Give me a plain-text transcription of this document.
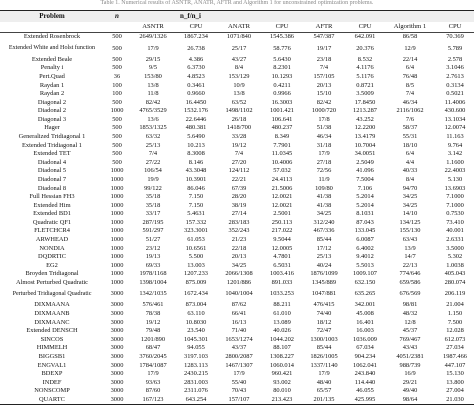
Table 1. Numerical results of ASNTR, ANATR, AFTR and Algorithm 1 for unconstrained optimization problems.
Problem	n	n_f/n_i							
		ASNTR	CPU	ANATR	CPU	AFTR	CPU	Algorithm 1	CPU
Extended Rosenbrock	500	2649/1326	1867.234	1071/840	1545.386	547/387	642.091	86/58	70.369
Extended White and Holst function	500	17/9	26.738	25/17	58.776	19/17	20.376	12/9	5.789
Extended Beale	500	29/15	4.386	43/27	5.6430	23/18	8.532	22/14	2.578
Penalty i	500	9/5	6.3730	8/4	8.2301	7/4	4.1176	6/4	3.1046
Pert.Quad	36	153/80	4.8523	153/129	10.1293	157/105	5.1176	76/48	2.7613
Raydan 1	100	13/8	0.3461	10/9	0.4211	20/13	0.8721	8/5	0.3134
Raydan 2	100	11/8	0.9660	13/8	0.9966	15/10	3.5009	7/4	0.5021
Diagonal 2	500	82/42	16.4450	63/52	16.3003	82/42	17.8450	46/34	11.4006
Diadonal 2	1000	4765/3529	1532.176	1498/1102	1001.421	1000/720	1213.287	2116/1062	430.600
Diagonal 3	500	13/6	22.6446	26/18	106.641	17/8	43.252	7/6	13.1034
Hager	500	1853/1325	480.381	1418/700	480.237	51/38	12.2200	58/37	12.0074
Generalized Tridiagonal 1	500	63/32	5.6490	33/28	8.349	46/34	13.4179	55/31	11.163
Extended Tridiagonal 1	500	25/13	10.213	19/12	7.7901	31/18	10.7004	18/10	9.764
Extended TET	500	7/4	8.3008	7/4	11.0345	17/9	34.0051	6/4	3.142
Diadonal 4	500	27/22	8.146	27/20	10.4006	27/18	2.5049	4/4	1.1600
Diadonal 5	1000	106/54	43.3048	124/112	57.032	72/56	41.096	40/33	22.4003
Diadonal 7	1000	19/9	10.3901	22/21	24.4113	11/9	7.5004	8/4	5.130
Diadonal 8	1000	99/122	86.046	67/39	21.5006	109/80	7.106	94/70	13.6903
Full Hessian FH3	1000	35/18	7.150	28/20	12.0021	41/38	5.2014	34/25	7.1000
Extended Him	1000	35/18	7.150	38/19	12.0021	41/38	5.2014	34/25	7.1000
Extended BD1	1000	33/17	5.4631	27/14	2.5001	34/25	8.1031	14/10	0.7530
Quadratic QF1	1000	287/195	157.332	283/183	250.113	312/240	87.043	134/125	73.410
FLETCHCR4	1000	591/297	323.3001	352/243	217.022	467/336	133.045	155/130	40.001
ARWHEAD	1000	51/27	61.053	21/23	9.5044	85/44	6.0087	63/43	2.6331
NONDIA	1000	23/12	10.6561	22/18	12.0005	17/12	6.4002	13/9	3.5000
DQDRTIC	1000	19/13	5.500	20/13	4.7801	25/13	9.4012	14/7	5.302
EG2	1000	69/33	13.003	34/25	6.5031	40/24	5.5013	22/13	1.0038
Broyden Tridiagonal	1000	1978/1168	1207.233	2066/1308	1003.416	1876/1099	1009.107	774/646	405.043
Almost Perturbed Quadratic	1000	1398/1004	875.009	1201/886	891.033	1345/889	632.150	659/586	280.074
Perturbed Tridiagonal Quadratic	3000	1342/1035	1672.434	1040/1004	1033.253	1047/881	635.265	676/569	206.119
DIXMAANA	3000	576/461	873.004	87/62	88.211	476/415	342.001	98/81	21.004
DIXMAANB	3000	78/38	63.110	66/41	61.010	74/40	45.008	48/32	1.150
DIXMAANC	3000	19/12	10.8030	16/13	13.089	18/12	16.401	12/8	7.500
Extended DENSCH	3000	79/48	23.540	71/40	40.026	72/47	16.003	45/37	12.028
SINCOS	3000	1201/890	1045.301	1653/1274	1044.202	1300/1003	1036.009	769/467	612.073
HIMMELH	3000	68/47	94.055	43/37	88.107	85/44	67.034	43/43	27.034
BIGGSB1	3000	3760/2045	3197.103	2800/2087	1308.227	1826/1005	904.234	4051/2381	1987.466
ENGVAL1	3000	1784/1087	1283.113	1467/1307	1060.014	1337/1140	1062.041	988/739	447.107
BDEXP	3000	17/9	2430.215	17/9	960.421	17/9	243.840	16/9	15.130
INDEF	3000	93/63	2831.003	55/40	93.002	48/40	114.440	29/21	13.800
NONSCOMP	3000	87/60	2311.076	70/43	80.010	65/57	46.055	49/40	27.004
QUARTC	3000	167/123	643.254	157/107	213.423	201/135	425.995	98/64	21.030
